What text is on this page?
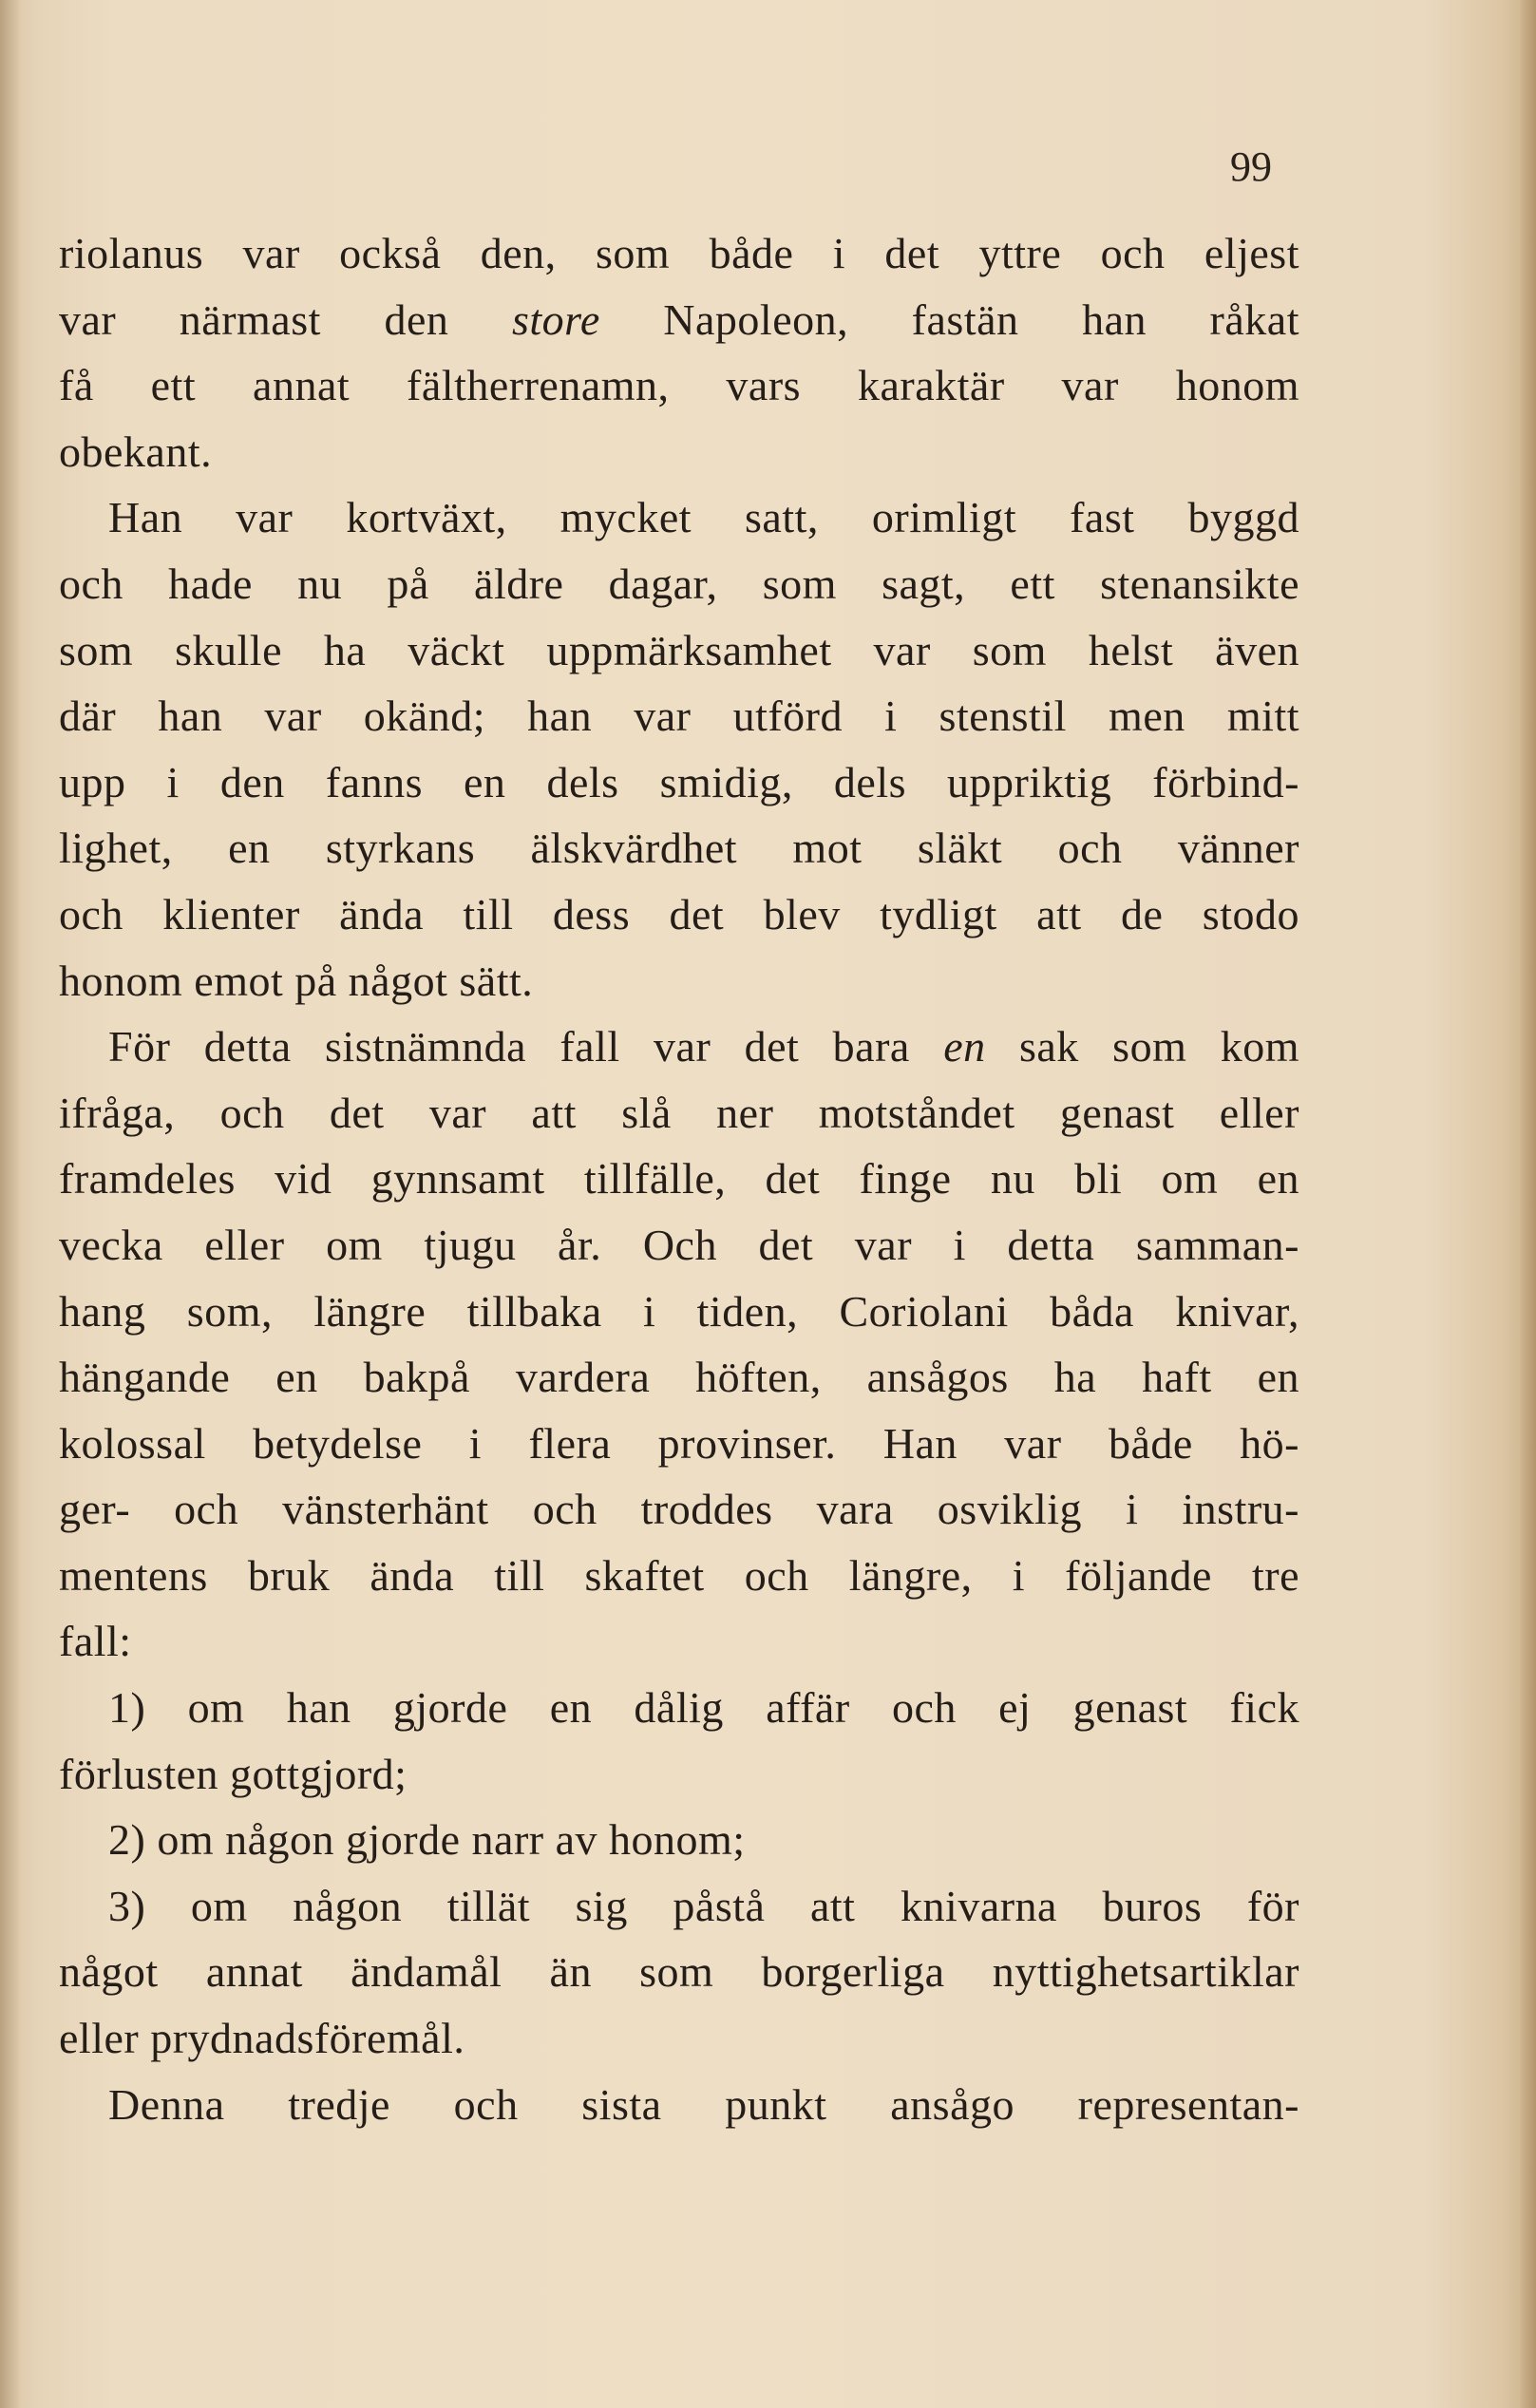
99
riolanus var också den, som både i det yttre och eljest
var närmast den store Napoleon, fastän han råkat
få ett annat fältherrenamn, vars karaktär var honom
obekant.
Han var kortväxt, mycket satt, orimligt fast byggd
och hade nu på äldre dagar, som sagt, ett stenansikte
som skulle ha väckt uppmärksamhet var som helst även
där han var okänd; han var utförd i stenstil men mitt
upp i den fanns en dels smidig, dels uppriktig förbind-
lighet, en styrkans älskvärdhet mot släkt och vänner
och klienter ända till dess det blev tydligt att de stodo
honom emot på något sätt.
För detta sistnämnda fall var det bara en sak som kom
ifråga, och det var att slå ner motståndet genast eller
framdeles vid gynnsamt tillfälle, det finge nu bli om en
vecka eller om tjugu år. Och det var i detta samman-
hang som, längre tillbaka i tiden, Coriolani båda knivar,
hängande en bakpå vardera höften, ansågos ha haft en
kolossal betydelse i flera provinser. Han var både hö-
ger- och vänsterhänt och troddes vara osviklig i instru-
mentens bruk ända till skaftet och längre, i följande tre
fall:
1) om han gjorde en dålig affär och ej genast fick
förlusten gottgjord;
2) om någon gjorde narr av honom;
3) om någon tillät sig påstå att knivarna buros för
något annat ändamål än som borgerliga nyttighetsartiklar
eller prydnadsföremål.
Denna tredje och sista punkt ansågo representan-
